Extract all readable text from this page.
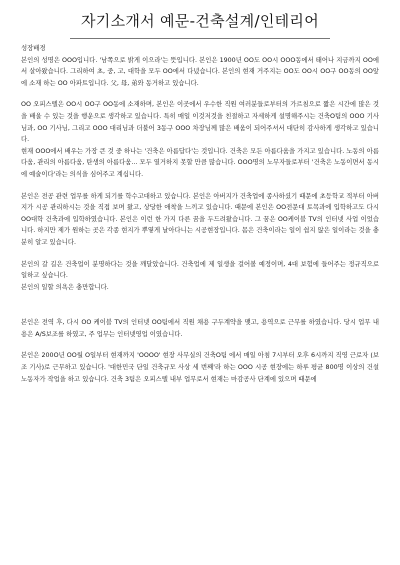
자기소개서 예문-건축설계/인테리어

성장배경

본인의 성명은 OOO입니다. '남쪽으로 밝게 이으라'는 뜻입니다. 본인은 1900년 OO도 OO시 OOO동에서 태어나 지금까지 OO에서 살아왔습니다. 그리하여 초, 중, 고, 대학을 모두 OO에서 다녔습니다. 본인의 현재 거주지는 OO도 OO시 OO구 OO동의 OO앞에 소재 하는 OO 아파트입니다. 父, 母, 弟와 동거하고 있습니다.

OO 오피스텔은 OO시 OO구 OO동에 소재하며, 본인은 이곳에서 우수한 직원 여러분들로부터의 가르침으로 짧은 시간에 많은 것을 배울 수 있는 것을 행운으로 생각하고 있습니다. 특히 매일 이것저것을 친절하고 자세하게 설명해주시는 건축O팀의 OOO 기사님과, OO 기사님, 그리고 OOO 대리님과 더불어 3동구 OOO 차장님께 많은 배움이 되어주셔서 대단히 감사하게 생각하고 있습니다.

현재 OOO에서 배우는 가장 큰 것 중 하나는 '건축은 아름답다'는 것입니다. 건축은 모든 아름다움을 가지고 있습니다. 노동의 아름다움, 관리의 아름다움, 탄생의 아름다움... 모두 열거하지 못할 만큼 많습니다. OOO명의 노무자들로부터 '건축은 노동이면서 동시에 예술이다'라는 의식을 심어주고 계십니다.

본인은 전공 관련 업무를 하게 되기를 학수고대하고 있습니다. 본인은 아버지가 건축업에 종사하셨기 때문에 초등학교 적부터 아버지가 시공 관리하시는 것을 직접 보며 왔고, 상당한 애착을 느끼고 있습니다. 때문에 본인은 OO전문대 토목과에 입학하고도 다시 OO대학 건축과에 입학하였습니다. 본인은 이런 한 가지 다른 꿈을 두드려왔습니다. 그 꿈은 OO케이블 TV의 인터넷 사업 이었습니다. 하지만 제가 원하는 곳은 각종 현지가 뿌옇게 날아다니는 시공현장입니다. 몸은 건축이라는 일이 쉽지 않은 일이라는 것을 충분히 알고 있습니다.

본인의 갈 길은 건축업이 분명하다는 것을 깨달았습니다. 건축업에 제 일생을 걸어볼 예정이며, 4대 보험에 들어주는 정규직으로 일하고 싶습니다.

본인의 일할 의욕은 충만합니다.

본인은 전역 후, 다시 OO 케이블 TV의 인터넷 OO팀에서 직원 채용 구두계약을 맺고, 용역으로 근무를 하였습니다. 당시 업무 내용은 A/S보조를 하였고, 주 업무는 인터넷영업 이였습니다.

본인은 200O년 OO월 O일부터 현재까지 'OOOO' 현장 사무실의 건축O팀 에서 매일 아침 7시부터 오후 6시까지 직영 근로자 (보조 기사)로 근무하고 있습니다. '대한민국 단일 건축규모 사상 세 번째'라 하는 OOO 시공 현장에는 하루 평균 800명 이상의 건설 노동자가 작업을 하고 있습니다. 건축 3팀은 오피스텔 내부 업무로서 현재는 마감공사 단계에 있으며 때문에
